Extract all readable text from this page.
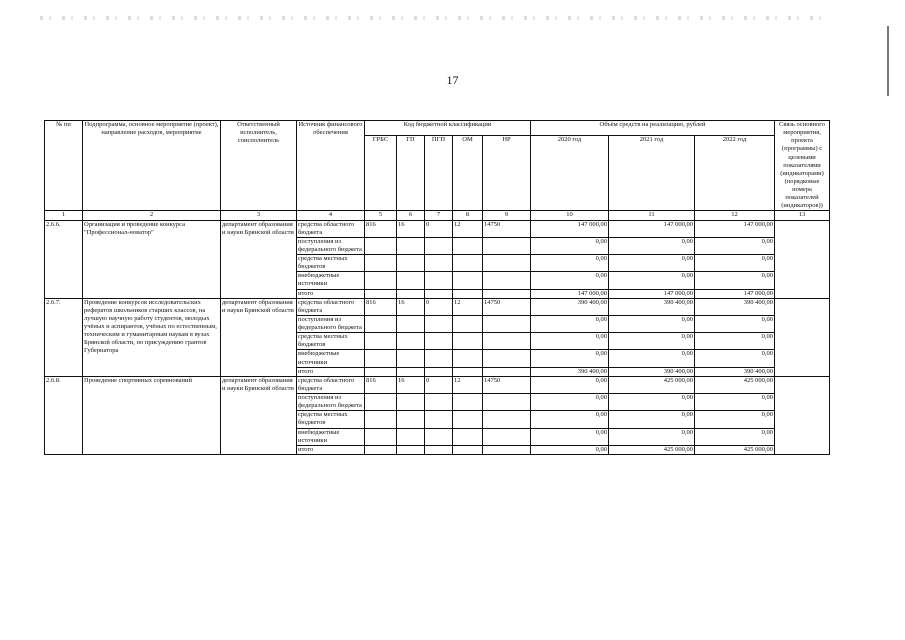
17
№ пп	Подпрограмма, основное мероприятие (проект), направление расходов, мероприятие	Ответственный исполнитель, соисполнитель	Источник финансового обеспечения	Код бюджетной классификации					Объём средств на реализацию, рублей			Связь основного мероприятия, проекта (программы) с целевыми показателями (индикаторами) (порядковые номера показателей (индикаторов))
				ГРБС	ГП	ПГП	ОМ	НР	2020 год	2021 год	2022 год	
1	2	3	4	5	6	7	8	9	10	11	12	13
2.6.6.	Организация и проведение конкурса "Профессионал-новатор"	департамент образования и науки Брянской области	средства областного бюджета	816	16	0	12	14750	147 000,00	147 000,00	147 000,00	
			поступления из федерального бюджета						0,00	0,00	0,00	
			средства местных бюджетов						0,00	0,00	0,00	
			внебюджетные источники						0,00	0,00	0,00	
			итого						147 000,00	147 000,00	147 000,00	
2.6.7.	Проведение конкурсов исследовательских рефератов школьников старших классов, на лучшую научную работу студентов, молодых учёных и аспирантов, учёных по естественным, техническим и гуманитарным наукам в вузах Брянской области, по присуждению грантов Губернатора	департамент образования и науки Брянской области	средства областного бюджета	816	16	0	12	14750	390 400,00	390 400,00	390 400,00	
			поступления из федерального бюджета						0,00	0,00	0,00	
			средства местных бюджетов						0,00	0,00	0,00	
			внебюджетные источники						0,00	0,00	0,00	
			итого						390 400,00	390 400,00	390 400,00	
2.6.8.	Проведение спортивных соревнований	департамент образования и науки Брянской области	средства областного бюджета	816	16	0	12	14750	0,00	425 000,00	425 000,00	
			поступления из федерального бюджета						0,00	0,00	0,00	
			средства местных бюджетов						0,00	0,00	0,00	
			внебюджетные источники						0,00	0,00	0,00	
			итого						0,00	425 000,00	425 000,00	
